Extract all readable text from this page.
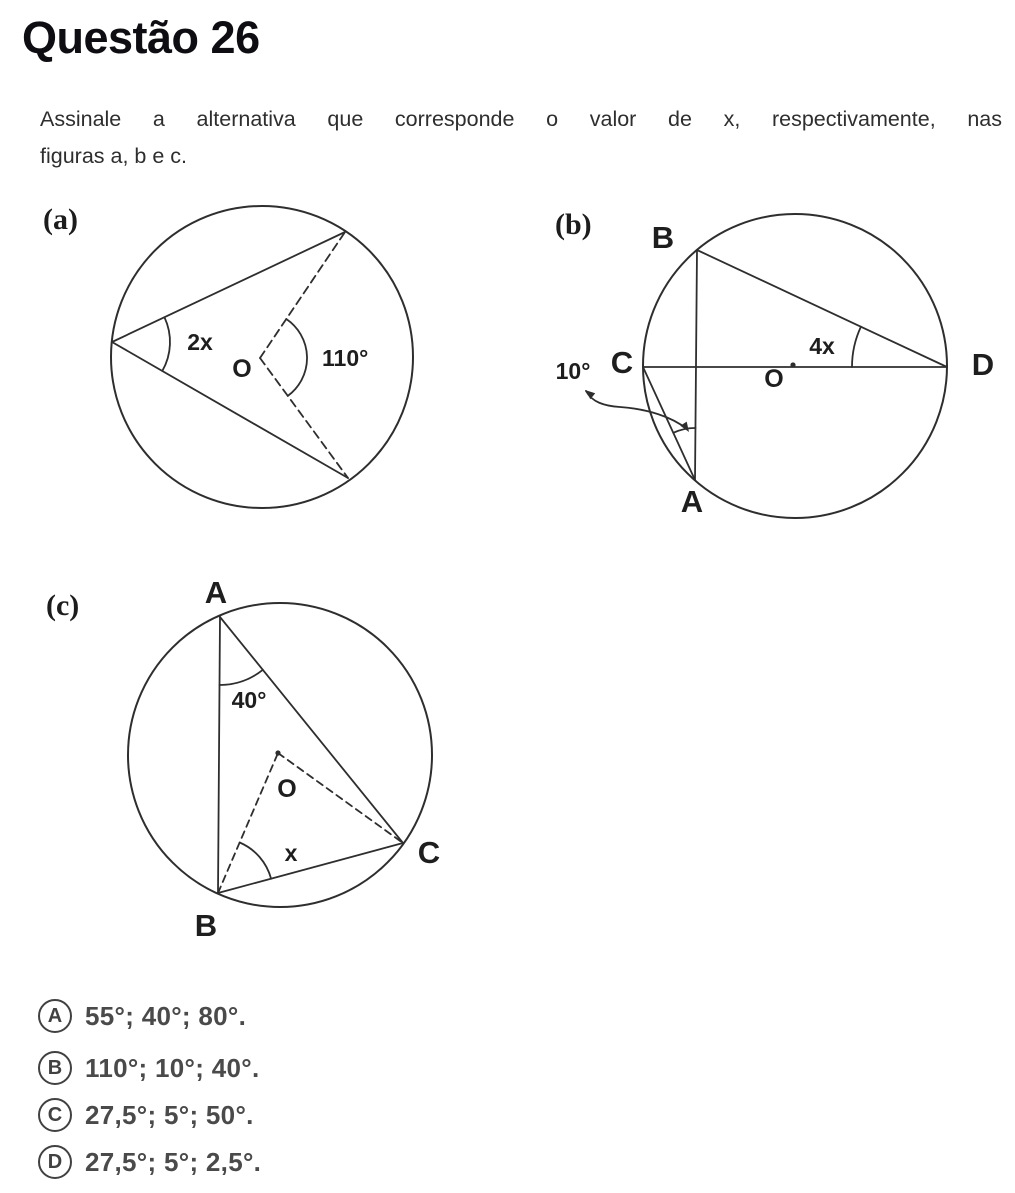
Questão 26
Assinale a alternativa que corresponde o valor de x, respectivamente, nas
figuras a, b e c.
(a)
2x
O	110°
(b) B
C	D
A
O
4x
10°
(c)	A
B
C
O
40°
x
A 55°; 40°; 80°.
B 110°; 10°; 40°.
C 27,5°; 5°; 50°.
D 27,5°; 5°; 2,5°.
